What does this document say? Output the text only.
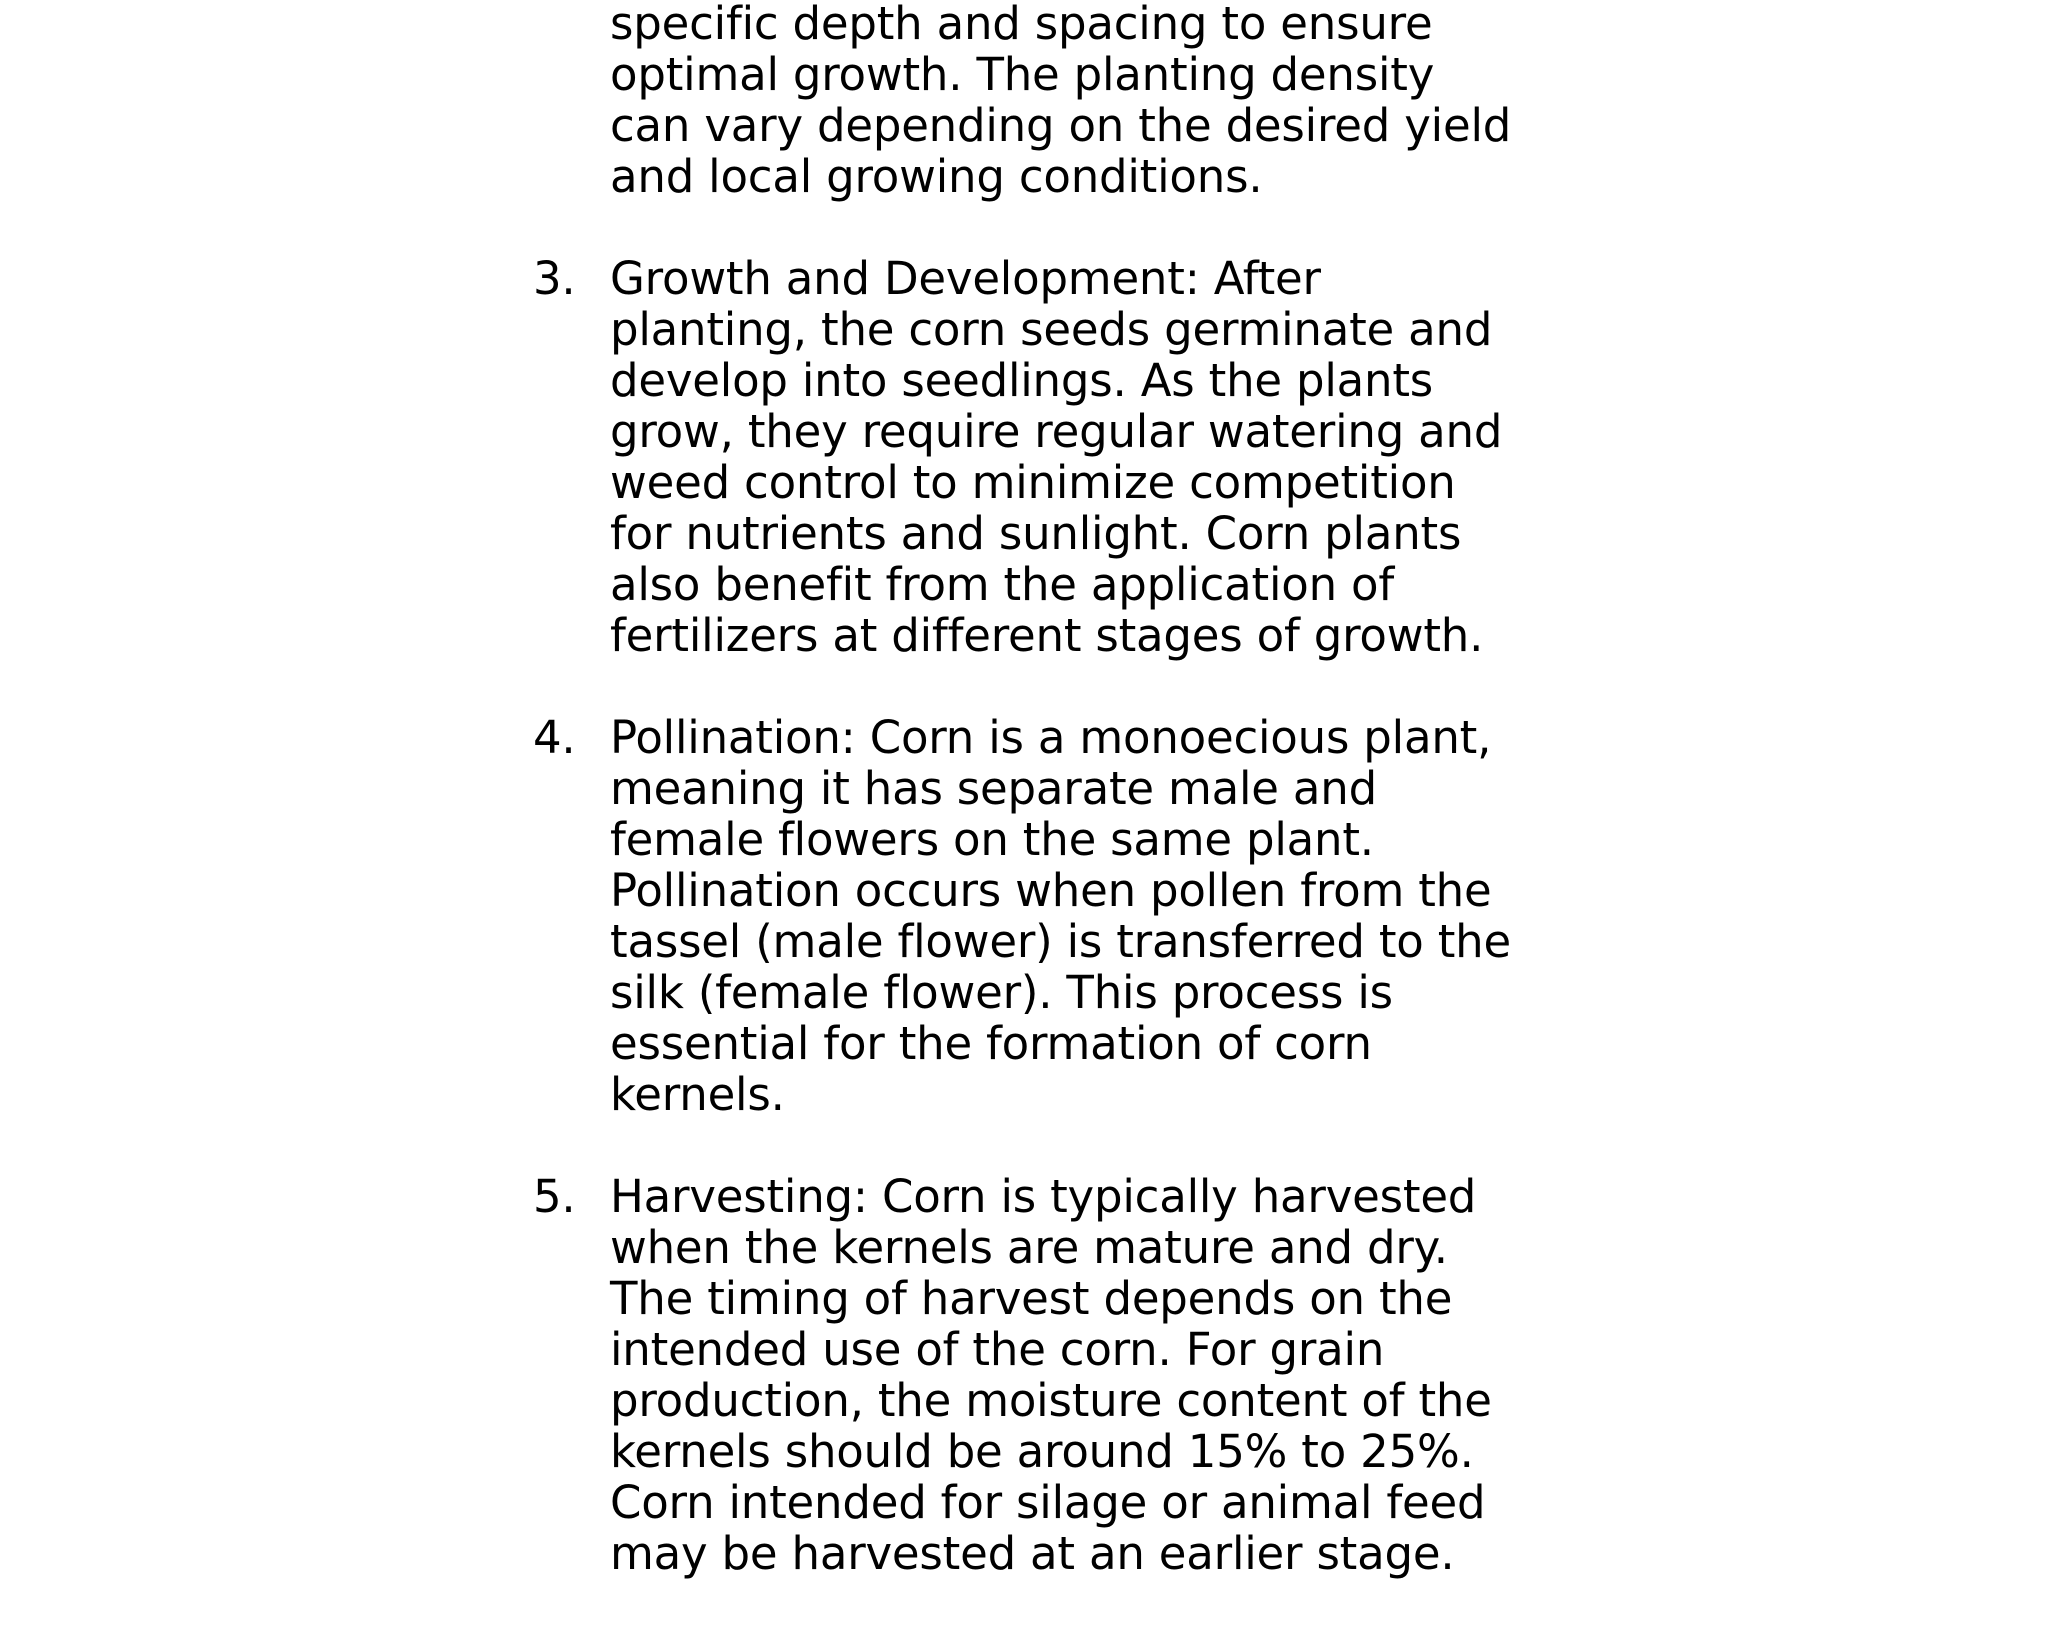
specific depth and spacing to ensure
optimal growth. The planting density
can vary depending on the desired yield
and local growing conditions.
3. Growth and Development: After
planting, the corn seeds germinate and
develop into seedlings. As the plants
grow, they require regular watering and
weed control to minimize competition
for nutrients and sunlight. Corn plants
also benefit from the application of
fertilizers at different stages of growth.
4. Pollination: Corn is a monoecious plant,
meaning it has separate male and
female flowers on the same plant.
Pollination occurs when pollen from the
tassel (male flower) is transferred to the
silk (female flower). This process is
essential for the formation of corn
kernels.
5. Harvesting: Corn is typically harvested
when the kernels are mature and dry.
The timing of harvest depends on the
intended use of the corn. For grain
production, the moisture content of the
kernels should be around 15% to 25%.
Corn intended for silage or animal feed
may be harvested at an earlier stage.
